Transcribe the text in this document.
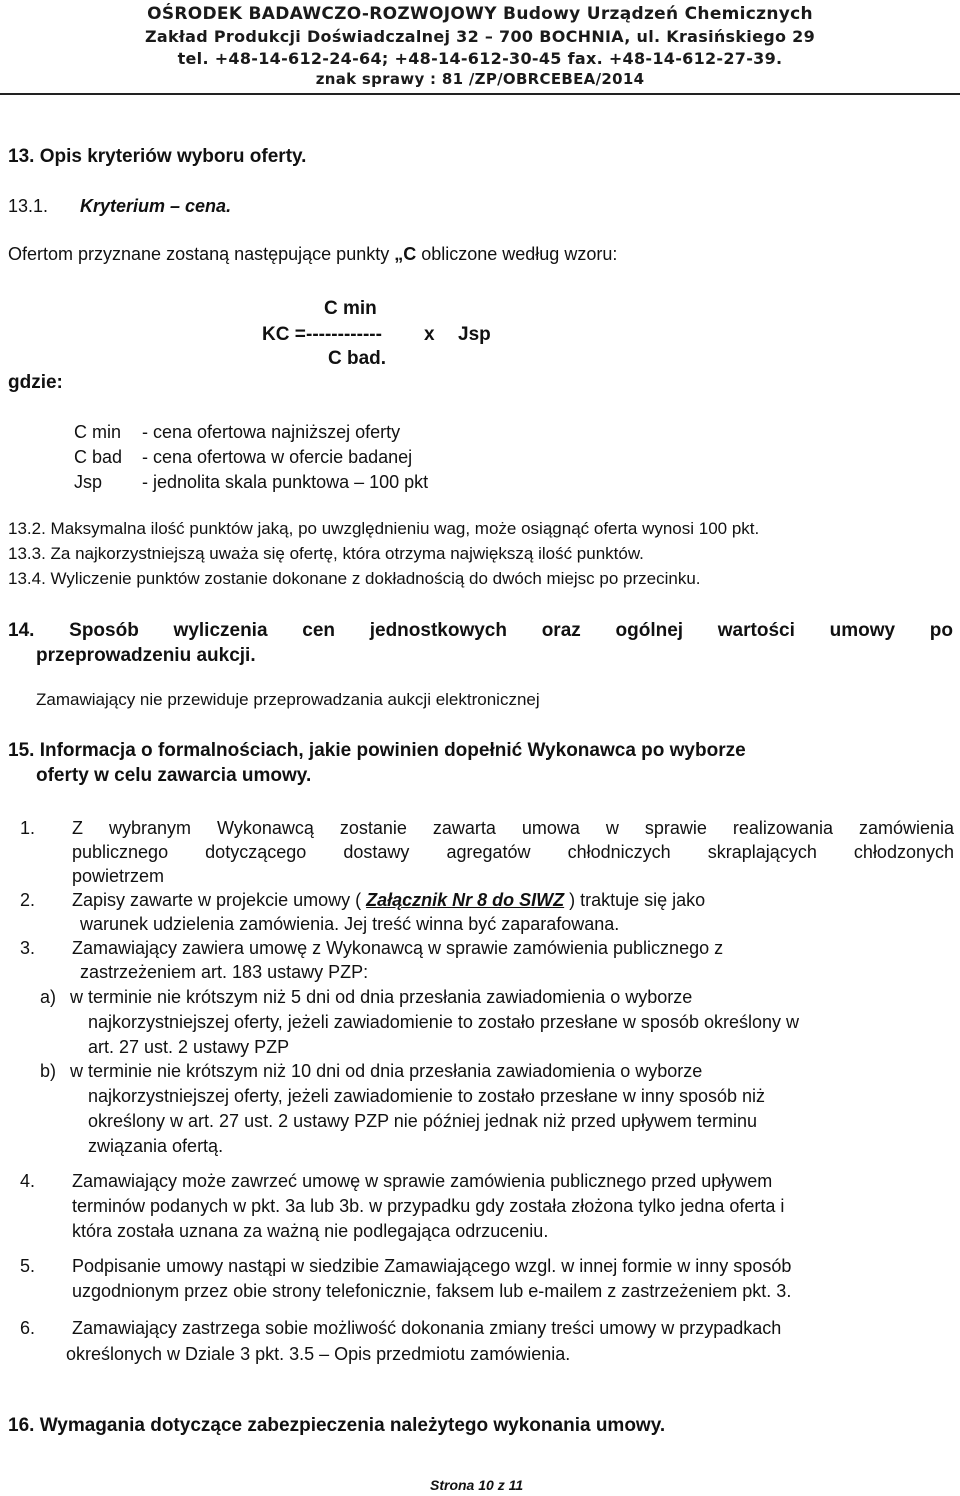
OŚRODEK BADAWCZO-ROZWOJOWY Budowy Urządzeń Chemicznych
Zakład Produkcji Doświadczalnej 32 – 700 BOCHNIA, ul. Krasińskiego 29
tel. +48-14-612-24-64; +48-14-612-30-45 fax. +48-14-612-27-39.
znak sprawy : 81 /ZP/OBRCEBEA/2014
13. Opis kryteriów wyboru oferty.
13.1. Kryterium – cena.
Ofertom przyznane zostaną następujące punkty „C obliczone według wzoru:
C min
KC = ------------ x Jsp
C bad.
gdzie:
C min - cena ofertowa najniższej oferty
C bad - cena ofertowa w ofercie badanej
Jsp - jednolita skala punktowa – 100 pkt
13.2. Maksymalna ilość punktów jaką, po uwzględnieniu wag, może osiągnąć oferta wynosi 100 pkt.
13.3. Za najkorzystniejszą uważa się ofertę, która otrzyma największą ilość punktów.
13.4. Wyliczenie punktów zostanie dokonane z dokładnością do dwóch miejsc po przecinku.
14. Sposób wyliczenia cen jednostkowych oraz ogólnej wartości umowy po
przeprowadzeniu aukcji.
Zamawiający nie przewiduje przeprowadzania aukcji elektronicznej
15. Informacja o formalnościach, jakie powinien dopełnić Wykonawca po wyborze
oferty w celu zawarcia umowy.
1. Z wybranym Wykonawcą zostanie zawarta umowa w sprawie realizowania zamówienia
publicznego dotyczącego dostawy agregatów chłodniczych skraplających chłodzonych
powietrzem
2. Zapisy zawarte w projekcie umowy ( Załącznik Nr 8 do SIWZ ) traktuje się jako
warunek udzielenia zamówienia. Jej treść winna być zaparafowana.
3. Zamawiający zawiera umowę z Wykonawcą w sprawie zamówienia publicznego z
zastrzeżeniem art. 183 ustawy PZP:
a) w terminie nie krótszym niż 5 dni od dnia przesłania zawiadomienia o wyborze
najkorzystniejszej oferty, jeżeli zawiadomienie to zostało przesłane w sposób określony w
art. 27 ust. 2 ustawy PZP
b) w terminie nie krótszym niż 10 dni od dnia przesłania zawiadomienia o wyborze
najkorzystniejszej oferty, jeżeli zawiadomienie to zostało przesłane w inny sposób niż
określony w art. 27 ust. 2 ustawy PZP nie później jednak niż przed upływem terminu
związania ofertą.
4. Zamawiający może zawrzeć umowę w sprawie zamówienia publicznego przed upływem
terminów podanych w pkt. 3a lub 3b. w przypadku gdy została złożona tylko jedna oferta i
która została uznana za ważną nie podlegająca odrzuceniu.
5. Podpisanie umowy nastąpi w siedzibie Zamawiającego wzgl. w innej formie w inny sposób
uzgodnionym przez obie strony telefonicznie, faksem lub e-mailem z zastrzeżeniem pkt. 3.
6. Zamawiający zastrzega sobie możliwość dokonania zmiany treści umowy w przypadkach
określonych w Dziale 3 pkt. 3.5 – Opis przedmiotu zamówienia.
16. Wymagania dotyczące zabezpieczenia należytego wykonania umowy.
Strona 10 z 11
